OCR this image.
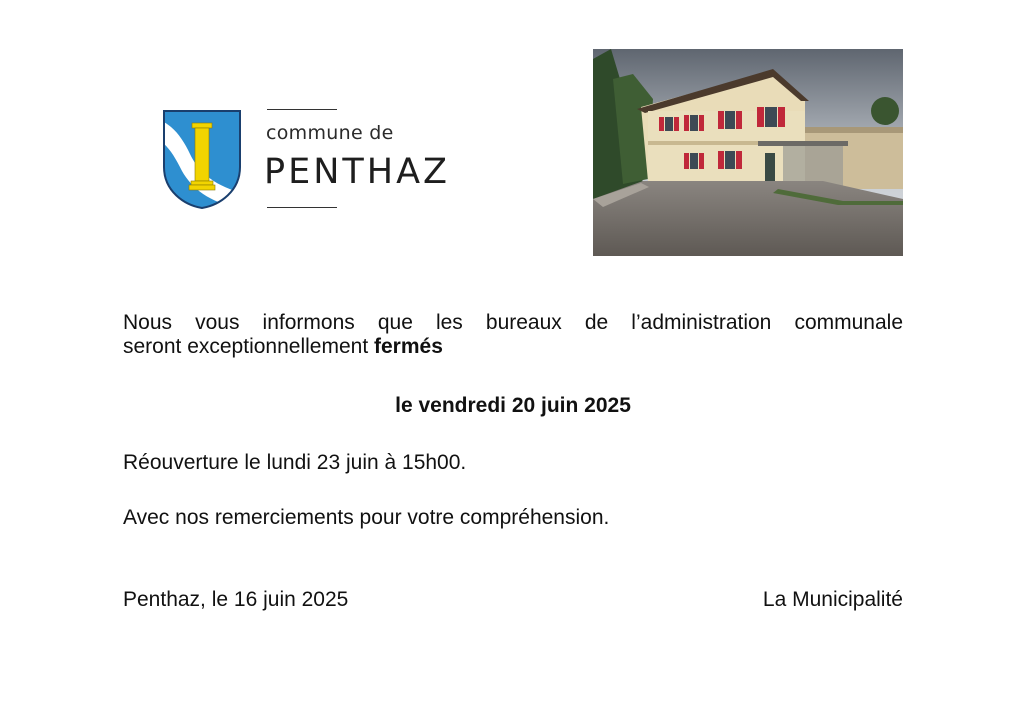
commune de
PENTHAZ
Nous vous informons que les bureaux de l’administration communale
seront exceptionnellement fermés
le vendredi 20 juin 2025
Réouverture le lundi 23 juin à 15h00.
Avec nos remerciements pour votre compréhension.
Penthaz, le 16 juin 2025	La Municipalité
